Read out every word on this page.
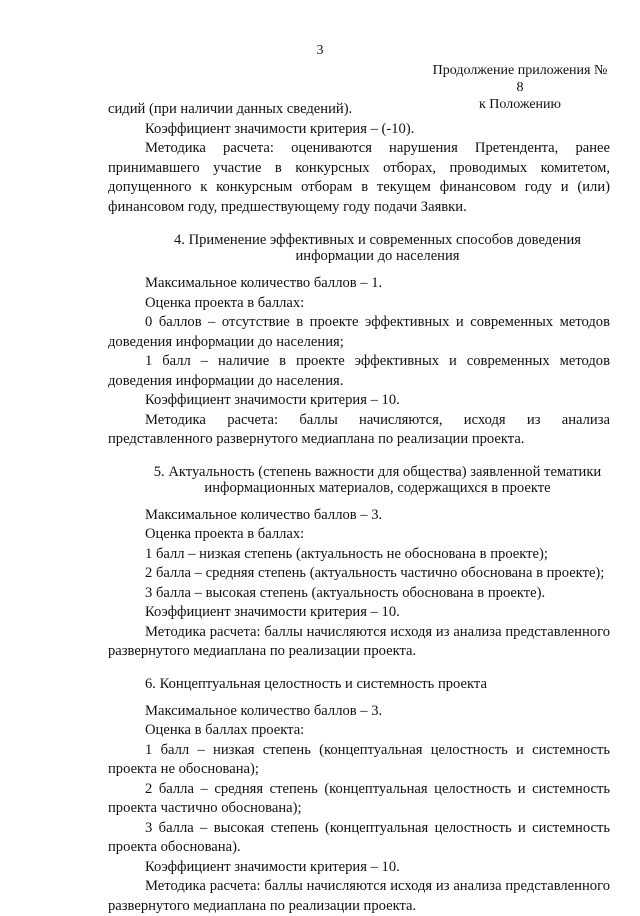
3
Продолжение приложения № 8
к Положению

сидий (при наличии данных сведений).

Коэффициент значимости критерия – (-10).

Методика расчета: оцениваются нарушения Претендента, ранее принимавшего участие в конкурсных отборах, проводимых комитетом, допущенного к конкурсным отборам в текущем финансовом году и (или) финансовом году, предшествующему году подачи Заявки.

4. Применение эффективных и современных способов доведения информации до населения

Максимальное количество баллов – 1.

Оценка проекта в баллах:

0 баллов – отсутствие в проекте эффективных и современных методов доведения информации до населения;

1 балл – наличие в проекте эффективных и современных методов доведения информации до населения.

Коэффициент значимости критерия – 10.

Методика расчета: баллы начисляются, исходя из анализа представленного развернутого медиаплана по реализации проекта.

5. Актуальность (степень важности для общества) заявленной тематики информационных материалов, содержащихся в проекте

Максимальное количество баллов – 3.

Оценка проекта в баллах:

1 балл – низкая степень (актуальность не обоснована в проекте);

2 балла – средняя степень (актуальность частично обоснована в проекте);

3 балла – высокая степень (актуальность обоснована в проекте).

Коэффициент значимости критерия – 10.

Методика расчета: баллы начисляются исходя из анализа представленного развернутого медиаплана по реализации проекта.

6. Концептуальная целостность и системность проекта

Максимальное количество баллов – 3.

Оценка в баллах проекта:

1 балл – низкая степень (концептуальная целостность и системность проекта не обоснована);

2 балла – средняя степень (концептуальная целостность и системность проекта частично обоснована);

3 балла – высокая степень (концептуальная целостность и системность проекта обоснована).

Коэффициент значимости критерия – 10.

Методика расчета: баллы начисляются исходя из анализа представленного развернутого медиаплана по реализации проекта.
